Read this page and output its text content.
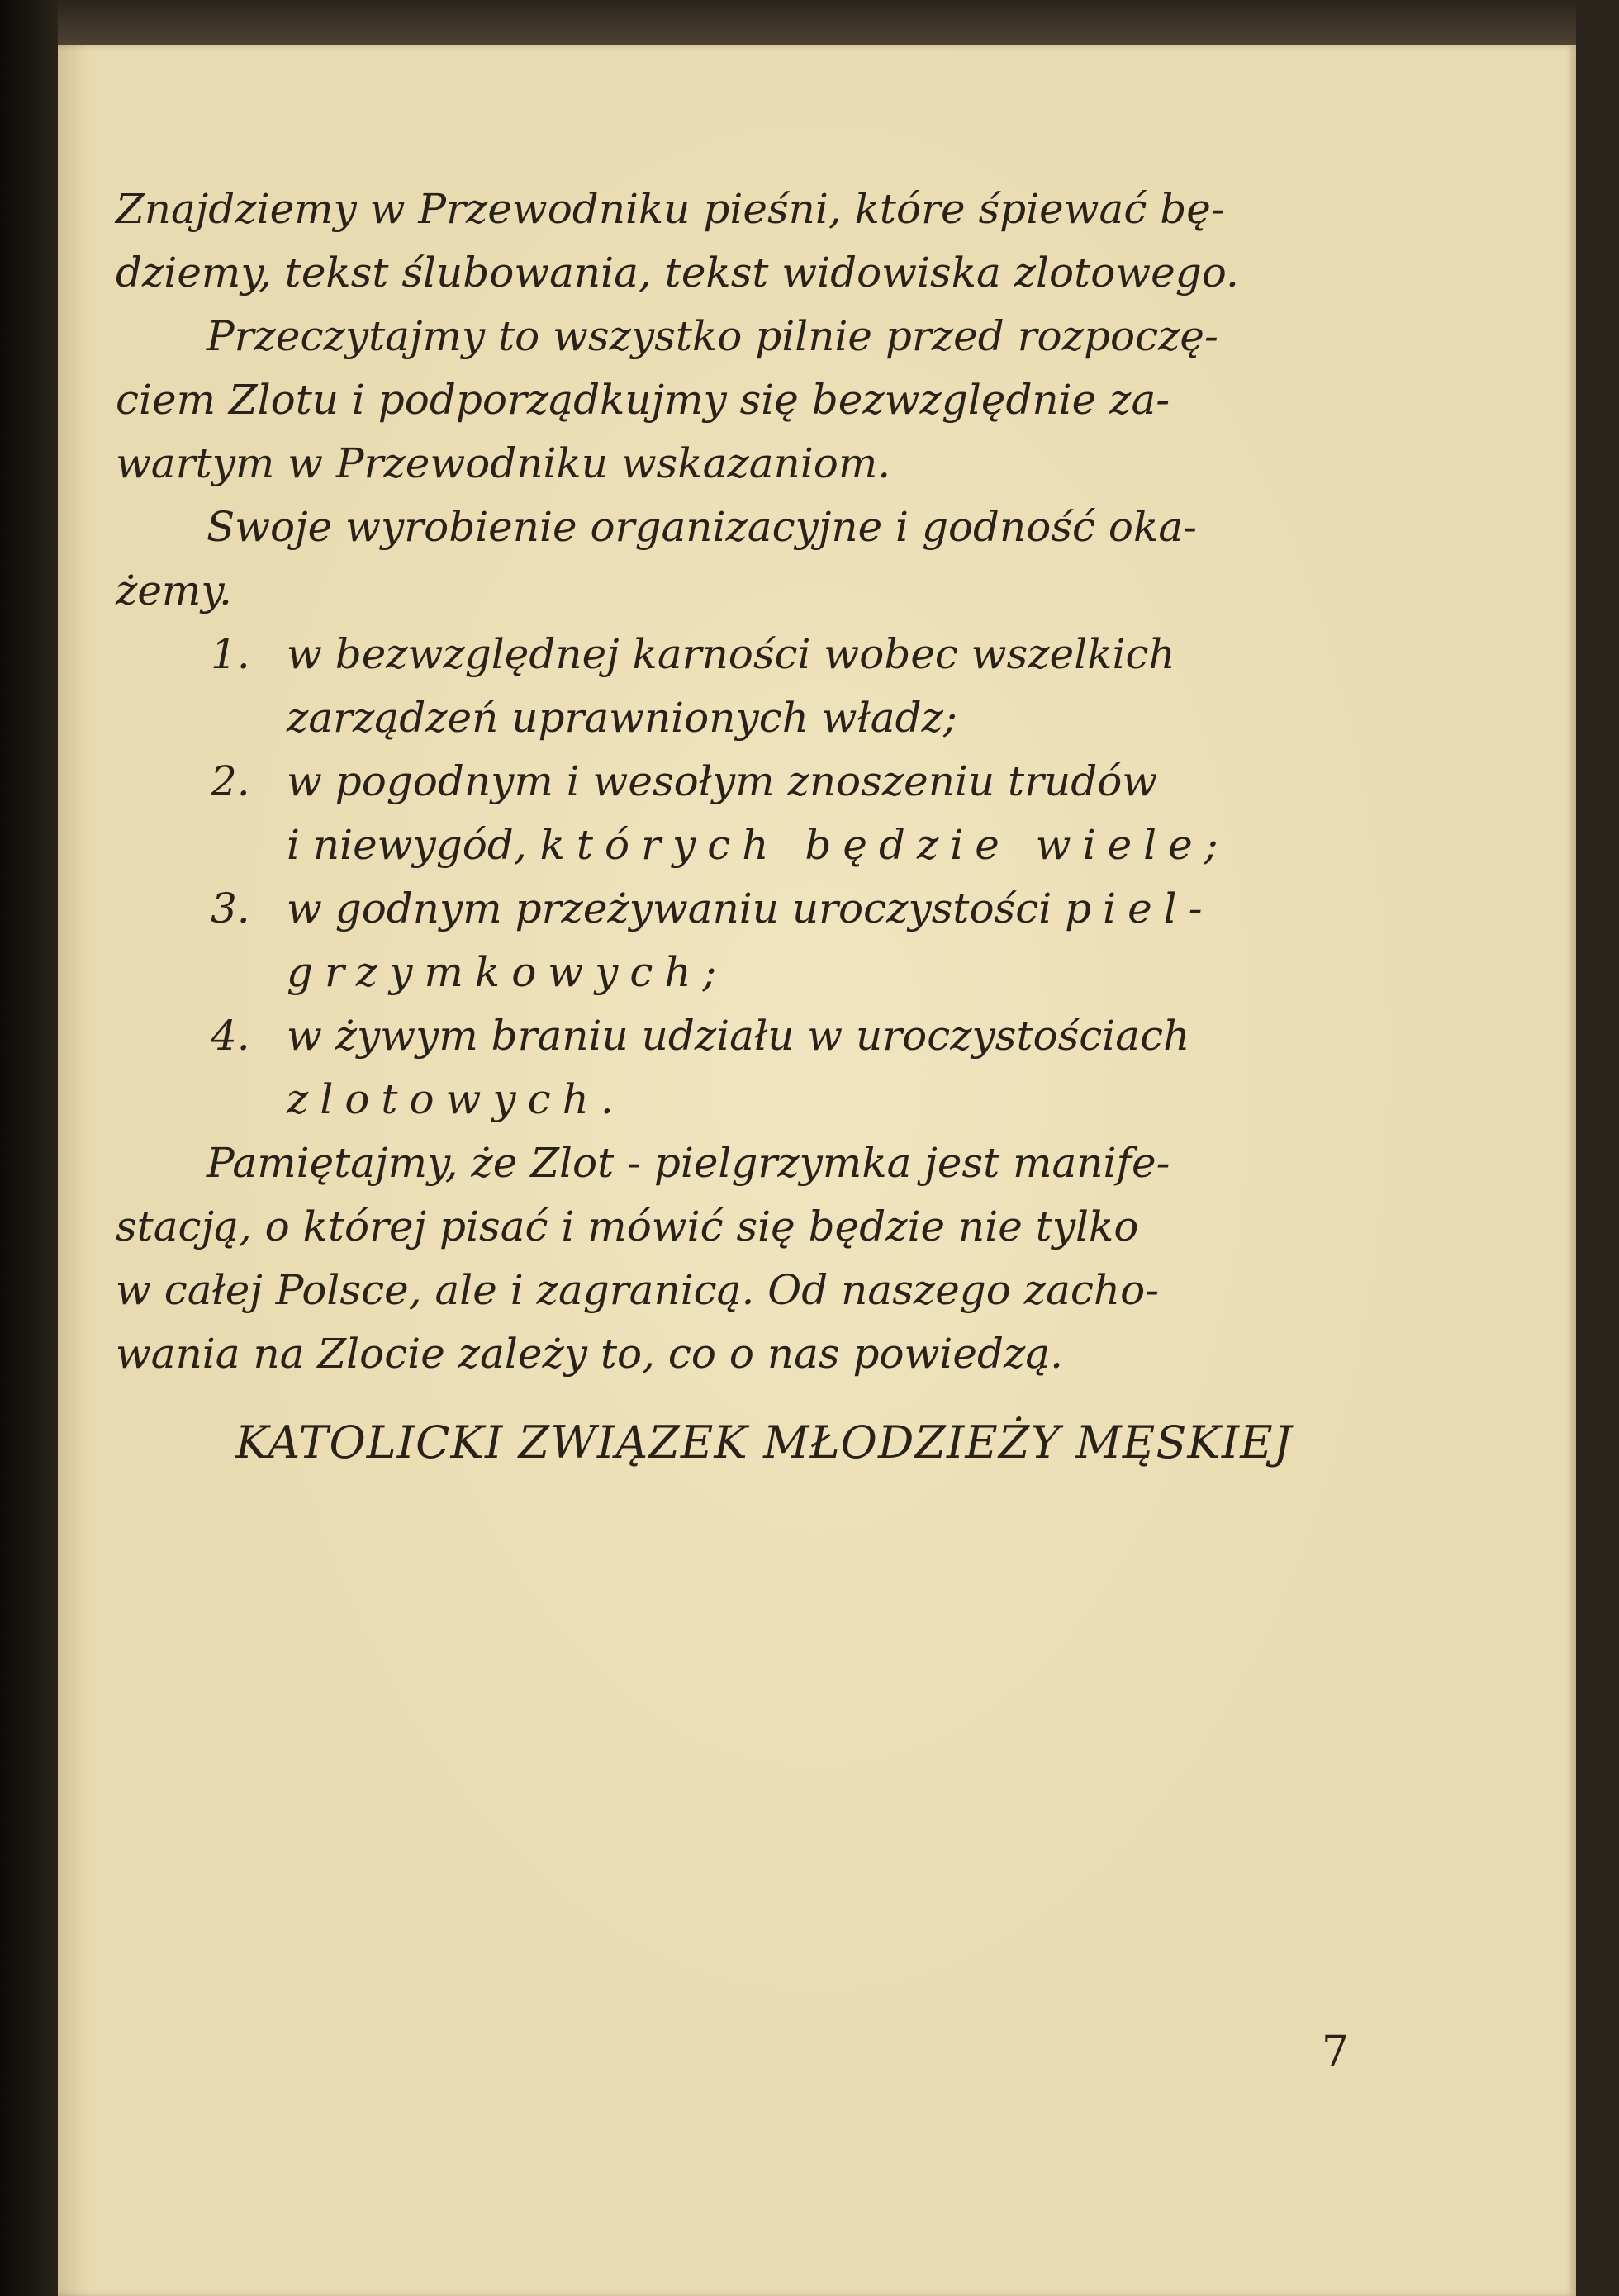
Znajdziemy w Przewodniku pieśni, które śpiewać bę-
dziemy, tekst ślubowania, tekst widowiska zlotowego.
Przeczytajmy to wszystko pilnie przed rozpoczę-
ciem Zlotu i podporządkujmy się bezwzględnie za-
wartym w Przewodniku wskazaniom.
Swoje wyrobienie organizacyjne i godność oka-
żemy.
1. w bezwzględnej karności wobec wszelkich
zarządzeń uprawnionych władz;
2. w pogodnym i wesołym znoszeniu trudów
i niewygód, których będzie wiele;
3. w godnym przeżywaniu uroczystości piel-
grzymkowych;
4. w żywym braniu udziału w uroczystościach
zlotowych.
Pamiętajmy, że Zlot - pielgrzymka jest manife-
stacją, o której pisać i mówić się będzie nie tylko
w całej Polsce, ale i zagranicą. Od naszego zacho-
wania na Zlocie zależy to, co o nas powiedzą.
KATOLICKI ZWIĄZEK MŁODZIEŻY MĘSKIEJ
7
